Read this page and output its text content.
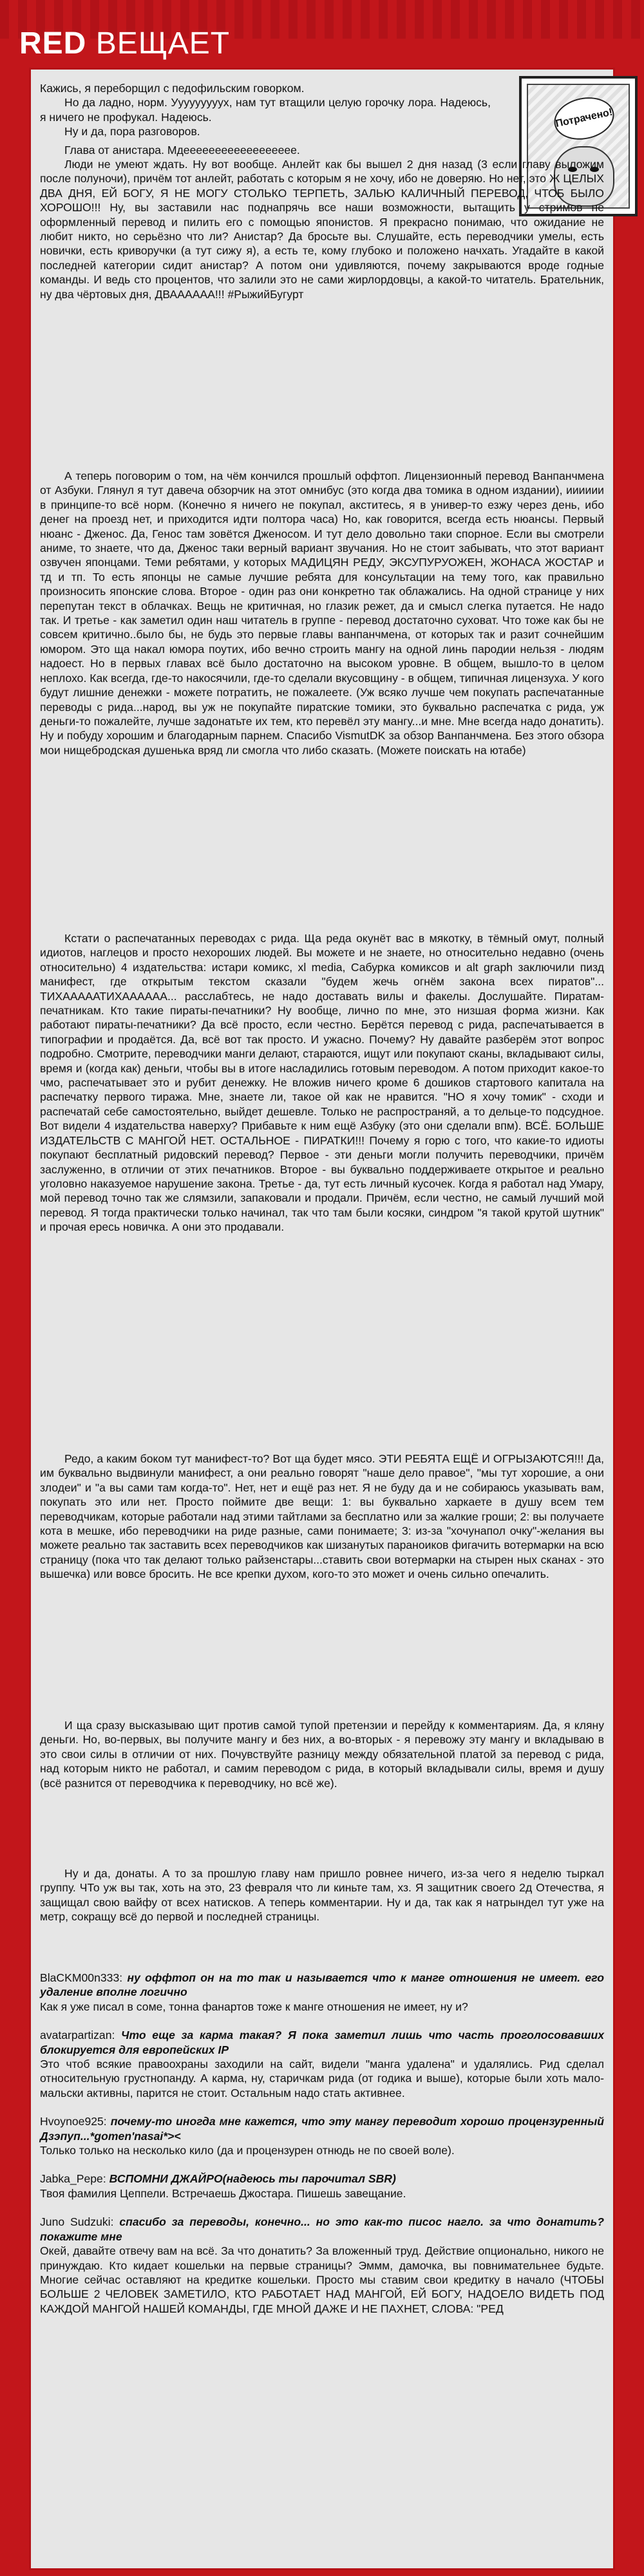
RED ВЕЩАЕТ
Потрачено!

Кажись, я переборщил с педофильским говорком.

Но да ладно, норм. Ууууууууух, нам тут втащили целую горочку лора. Надеюсь, я ничего не профукал. Надеюсь.

Ну и да, пора разговоров.

Глава от анистара. Мдееееееееееееееееее.

Люди не умеют ждать. Ну вот вообще. Анлейт как бы вышел 2 дня назад (3 если главу выложим после полуночи), причём тот анлейт, работать с которым я не хочу, ибо не доверяю. Но нет, это Ж ЦЕЛЫХ ДВА ДНЯ, ЕЙ БОГУ, Я НЕ МОГУ СТОЛЬКО ТЕРПЕТЬ, ЗАЛЬЮ КАЛИЧНЫЙ ПЕРЕВОД, ЧТОБ БЫЛО ХОРОШО!!! Ну, вы заставили нас поднапрячь все наши возможности, вытащить у стримов не оформленный перевод и пилить его с помощью японистов. Я прекрасно понимаю, что ожидание не любит никто, но серьёзно что ли? Анистар? Да бросьте вы. Слушайте, есть переводчики умелы, есть новички, есть криворучки (а тут сижу я), а есть те, кому глубоко и положено начхать. Угадайте в какой последней категории сидит анистар? А потом они удивляются, почему закрываются вроде годные команды. И ведь сто процентов, что залили это не сами жирлордовцы, а какой-то читатель. Брательник, ну два чёртовых дня, ДВАААААА!!! #РыжийБугурт

А теперь поговорим о том, на чём кончился прошлый оффтоп. Лицензионный перевод Ванпанчмена от Азбуки. Глянул я тут давеча обзорчик на этот омнибус (это когда два томика в одном издании), ииииии в принципе-то всё норм. (Конечно я ничего не покупал, акститесь, я в универ-то езжу через день, ибо денег на проезд нет, и приходится идти полтора часа) Но, как говорится, всегда есть нюансы. Первый нюанс - Дженос. Да, Генос там зовётся Дженосом. И тут дело довольно таки спорное. Если вы смотрели аниме, то знаете, что да, Дженос таки верный вариант звучания. Но не стоит забывать, что этот вариант озвучен японцами. Теми ребятами, у которых МАДИЦЯН РЕДУ, ЭКСУПУРУОЖЕН, ЖОНАСА ЖОСТАР и тд и тп. То есть японцы не самые лучшие ребята для консультации на тему того, как правильно произносить японские слова. Второе - один раз они конкретно так облажались. На одной странице у них перепутан текст в облачках. Вещь не критичная, но глазик режет, да и смысл слегка путается. Не надо так. И третье - как заметил один наш читатель в группе - перевод достаточно суховат. Что тоже как бы не совсем критично..было бы, не будь это первые главы ванпанчмена, от которых так и разит сочнейшим юмором. Это ща накал юмора поутих, ибо вечно строить мангу на одной линь пародии нельзя - людям надоест. Но в первых главах всё было достаточно на высоком уровне. В общем, вышло-то в целом неплохо. Как всегда, где-то накосячили, где-то сделали вкусовщину - в общем, типичная лицензуха. У кого будут лишние денежки - можете потратить, не пожалеете. (Уж всяко лучше чем покупать распечатанные переводы с рида...народ, вы уж не покупайте пиратские томики, это буквально распечатка с рида, уж деньги-то пожалейте, лучше задонатьте их тем, кто перевёл эту мангу...и мне. Мне всегда надо донатить). Ну и побуду хорошим и благодарным парнем. Спасибо VismutDK за обзор Ванпанчмена. Без этого обзора мои нищебродская душенька вряд ли смогла что либо сказать. (Можете поискать на ютабе)

Кстати о распечатанных переводах с рида. Ща реда окунёт вас в мякотку, в тёмный омут, полный идиотов, наглецов и просто нехороших людей. Вы можете и не знаете, но относительно недавно (очень относительно) 4 издательства: истари комикс, xl media, Сабурка комиксов и alt graph заключили пизд манифест, где открытым текстом сказали "будем жечь огнём закона всех пиратов"... ТИХАААААТИХАААААА... расслабтесь, не надо доставать вилы и факелы. Дослушайте. Пиратам-печатникам. Кто такие пираты-печатники? Ну вообще, лично по мне, это низшая форма жизни. Как работают пираты-печатники? Да всё просто, если честно. Берётся перевод с рида, распечатывается в типографии и продаётся. Да, всё вот так просто. И ужасно. Почему? Ну давайте разберём этот вопрос подробно. Смотрите, переводчики манги делают, стараются, ищут или покупают сканы, вкладывают силы, время и (когда как) деньги, чтобы вы в итоге насладились готовым переводом. А потом приходит какое-то чмо, распечатывает это и рубит денежку. Не вложив ничего кроме 6 дошиков стартового капитала на распечатку первого тиража. Мне, знаете ли, такое ой как не нравится. "НО я хочу томик" - сходи и распечатай себе самостоятельно, выйдет дешевле. Только не распространяй, а то дельце-то подсудное. Вот видели 4 издательства наверху? Прибавьте к ним ещё Азбуку (это они сделали впм). ВСЁ. БОЛЬШЕ ИЗДАТЕЛЬСТВ С МАНГОЙ НЕТ. ОСТАЛЬНОЕ - ПИРАТКИ!!! Почему я горю с того, что какие-то идиоты покупают бесплатный ридовский перевод? Первое - эти деньги могли получить переводчики, причём заслуженно, в отличии от этих печатников. Второе - вы буквально поддерживаете открытое и реально уголовно наказуемое нарушение закона. Третье - да, тут есть личный кусочек. Когда я работал над Умару, мой перевод точно так же слямзили, запаковали и продали. Причём, если честно, не самый лучший мой перевод. Я тогда практически только начинал, так что там были косяки, синдром "я такой крутой шутник" и прочая ересь новичка. А они это продавали.

Редо, а каким боком тут манифест-то? Вот ща будет мясо. ЭТИ РЕБЯТА ЕЩЁ И ОГРЫЗАЮТСЯ!!! Да, им буквально выдвинули манифест, а они реально говорят "наше дело правое", "мы тут хорошие, а они злодеи" и "а вы сами там когда-то". Нет, нет и ещё раз нет. Я не буду да и не собираюсь указывать вам, покупать это или нет. Просто поймите две вещи: 1: вы буквально харкаете в душу всем тем переводчикам, которые работали над этими тайтлами за бесплатно или за жалкие гроши; 2: вы получаете кота в мешке, ибо переводчики на риде разные, сами понимаете; 3: из-за "хочунапол очку"-желания вы можете реально так заставить всех переводчиков как шизанутых параноиков фигачить вотермарки на всю страницу (пока что так делают только райзенстары...ставить свои вотермарки на стырен ных сканах - это вышечка) или вовсе бросить. Не все крепки духом, кого-то это может и очень сильно опечалить.

И ща сразу высказываю щит против самой тупой претензии и перейду к комментариям. Да, я кляну деньги. Но, во-первых, вы получите мангу и без них, а во-вторых - я перевожу эту мангу и вкладываю в это свои силы в отличии от них. Почувствуйте разницу между обязательной платой за перевод с рида, над которым никто не работал, и самим переводом с рида, в который вкладывали силы, время и душу (всё разнится от переводчика к переводчику, но всё же).

Ну и да, донаты. А то за прошлую главу нам пришло ровнее ничего, из-за чего я неделю тыркал группу. ЧТо уж вы так, хоть на это, 23 февраля что ли киньте там, хз. Я защитник своего 2д Отечества, я защищал свою вайфу от всех натисков. А теперь комментарии. Ну и да, так как я натрындел тут уже на метр, сокращу всё до первой и последней страницы.

BlaCKM00n333: ну оффтоп он на то так и называется что к манге отношения не имеет. его удаление вполне логично

Как я уже писал в соме, тонна фанартов тоже к манге отношения не имеет, ну и?

avatarpartizan: Что еще за карма такая? Я пока заметил лишь что часть проголосовавших блокируется для европейских IP

Это чтоб всякие правоохраны заходили на сайт, видели "манга удалена" и удалялись. Рид сделал относительную грустнопанду. А карма, ну, старичкам рида (от годика и выше), которые были хоть мало-мальски активны, парится не стоит. Остальным надо стать активнее.

Hvoynoe925: почему-то иногда мне кажется, что эту мангу переводит хорошо процензуренный Дзэпуп...*gomen'nasai*><

Только только на несколько кило (да и процензурен отнюдь не по своей воле).

Jabka_Pepe: ВСПОМНИ ДЖАЙРО(надеюсь ты парочитал SBR)

Твоя фамилия Цеппели. Встречаешь Джостара. Пишешь завещание.

Juno Sudzuki: спасибо за переводы, конечно... но это как-то писос нагло. за что донатить? покажите мне

Окей, давайте отвечу вам на всё. За что донатить? За вложенный труд. Действие опционально, никого не принуждаю. Кто кидает кошельки на первые страницы? Эммм, дамочка, вы повнимательнее будьте. Многие сейчас оставляют на кредитке кошельки. Просто мы ставим свои кредитку в начало (ЧТОБЫ БОЛЬШЕ 2 ЧЕЛОВЕК ЗАМЕТИЛО, КТО РАБОТАЕТ НАД МАНГОЙ, ЕЙ БОГУ, НАДОЕЛО ВИДЕТЬ ПОД КАЖДОЙ МАНГОЙ НАШЕЙ КОМАНДЫ, ГДЕ МНОЙ ДАЖЕ И НЕ ПАХНЕТ, СЛОВА: "РЕД
